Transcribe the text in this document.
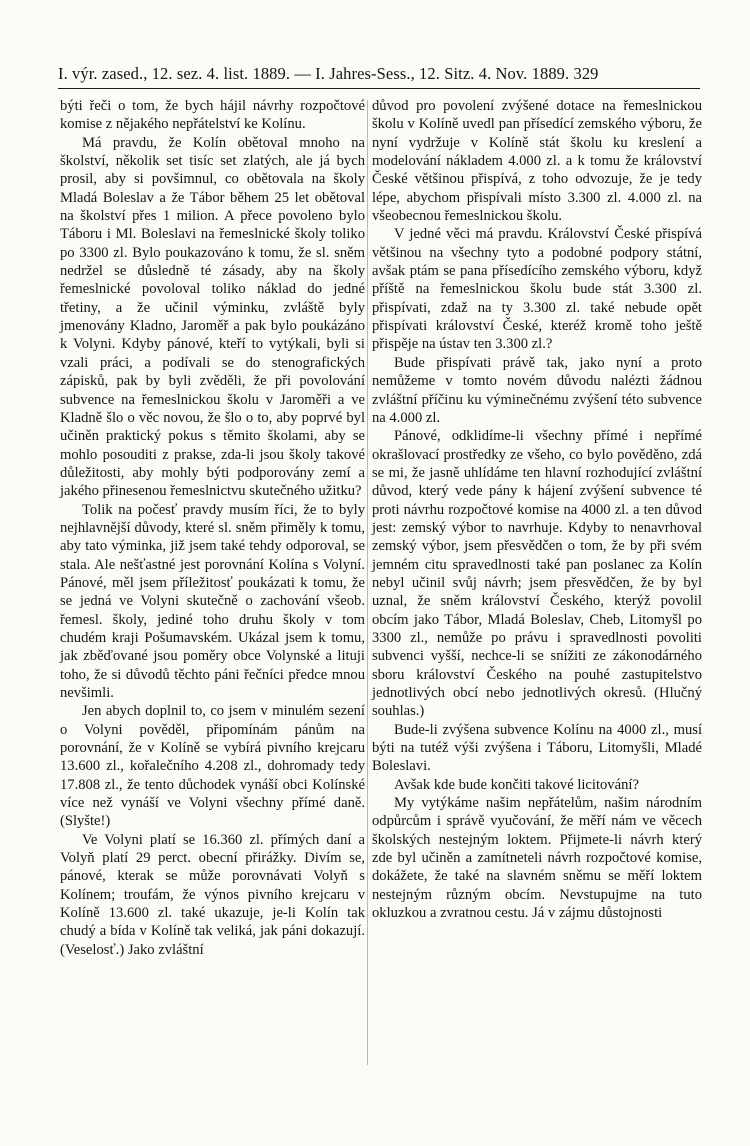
I. výr. zased., 12. sez. 4. list. 1889. — I. Jahres-Sess., 12. Sitz. 4. Nov. 1889. 329

býti řeči o tom, že bych hájil návrhy rozpočtové komise z nějakého nepřátelství ke Kolínu.

Má pravdu, že Kolín obětoval mnoho na školství, několik set tisíc set zlatých, ale já bych prosil, aby si povšimnul, co obětovala na školy Mladá Boleslav a že Tábor během 25 let obětoval na školství přes 1 milion. A přece povoleno bylo Táboru i Ml. Boleslavi na řemeslnické školy toliko po 3300 zl. Bylo poukazováno k tomu, že sl. sněm nedržel se důsledně té zásady, aby na školy řemeslnické povoloval toliko náklad do jedné třetiny, a že učinil výminku, zvláště byly jmenovány Kladno, Jaroměř a pak bylo poukázáno k Volyni. Kdyby pánové, kteří to vytýkali, byli si vzali práci, a podívali se do stenografických zápisků, pak by byli zvěděli, že při povolování subvence na řemeslnickou školu v Jaroměři a ve Kladně šlo o věc novou, že šlo o to, aby poprvé byl učiněn praktický pokus s těmito školami, aby se mohlo posouditi z prakse, zda-li jsou školy takové důležitosti, aby mohly býti podporovány zemí a jakého přinesenou řemeslnictvu skutečného užitku?

Tolik na počesť pravdy musím říci, že to byly nejhlavnější důvody, které sl. sněm přiměly k tomu, aby tato výminka, již jsem také tehdy odporoval, se stala. Ale nešťastné jest porovnání Kolína s Volyní. Pánové, měl jsem příležitosť poukázati k tomu, že se jedná ve Volyni skutečně o zachování všeob. řemesl. školy, jediné toho druhu školy v tom chudém kraji Pošumavském. Ukázal jsem k tomu, jak zběďované jsou poměry obce Volynské a lituji toho, že si důvodů těchto páni řečníci předce mnou nevšimli.

Jen abych doplnil to, co jsem v minulém sezení o Volyni pověděl, připomínám pánům na porovnání, že v Kolíně se vybírá pivního krejcaru 13.600 zl., kořalečního 4.208 zl., dohromady tedy 17.808 zl., že tento důchodek vynáší obci Kolínské více než vynáší ve Volyni všechny přímé daně. (Slyšte!)

Ve Volyni platí se 16.360 zl. přímých daní a Volyň platí 29 perct. obecní přirážky. Divím se, pánové, kterak se může porovnávati Volyň s Kolínem; troufám, že výnos pivního krejcaru v Kolíně 13.600 zl. také ukazuje, je-li Kolín tak chudý a bída v Kolíně tak veliká, jak páni dokazují. (Veselosť.) Jako zvláštní

důvod pro povolení zvýšené dotace na řemeslnickou školu v Kolíně uvedl pan přísedící zemského výboru, že nyní vydržuje v Kolíně stát školu ku kreslení a modelování nákladem 4.000 zl. a k tomu že království České většinou přispívá, z toho odvozuje, že je tedy lépe, abychom přispívali místo 3.300 zl. 4.000 zl. na všeobecnou řemeslnickou školu.

V jedné věci má pravdu. Království České přispívá většinou na všechny tyto a podobné podpory státní, avšak ptám se pana přísedícího zemského výboru, když příště na řemeslnickou školu bude stát 3.300 zl. přispívati, zdaž na ty 3.300 zl. také nebude opět přispívati království České, kteréž kromě toho ještě přispěje na ústav ten 3.300 zl.?

Bude přispívati právě tak, jako nyní a proto nemůžeme v tomto novém důvodu nalézti žádnou zvláštní příčinu ku výminečnému zvýšení této subvence na 4.000 zl.

Pánové, odklidíme-li všechny přímé i nepřímé okrašlovací prostředky ze všeho, co bylo pověděno, zdá se mi, že jasně uhlídáme ten hlavní rozhodující zvláštní důvod, který vede pány k hájení zvýšení subvence té proti návrhu rozpočtové komise na 4000 zl. a ten důvod jest: zemský výbor to navrhuje. Kdyby to nenavrhoval zemský výbor, jsem přesvědčen o tom, že by při svém jemném citu spravedlnosti také pan poslanec za Kolín nebyl učinil svůj návrh; jsem přesvědčen, že by byl uznal, že sněm království Českého, kterýž povolil obcím jako Tábor, Mladá Boleslav, Cheb, Litomyšl po 3300 zl., nemůže po právu i spravedlnosti povoliti subvenci vyšší, nechce-li se snížiti ze zákonodárného sboru království Českého na pouhé zastupitelstvo jednotlivých obcí nebo jednotlivých okresů. (Hlučný souhlas.)

Bude-li zvýšena subvence Kolínu na 4000 zl., musí býti na tutéž výši zvýšena i Táboru, Litomyšli, Mladé Boleslavi.

Avšak kde bude končiti takové licitování?

My vytýkáme našim nepřátelům, našim národním odpůrcům i správě vyučování, že měří nám ve věcech školských nestejným loktem. Přijmete-li návrh který zde byl učiněn a zamítneteli návrh rozpočtové komise, dokážete, že také na slavném sněmu se měří loktem nestejným různým obcím. Nevstupujme na tuto okluzkou a zvratnou cestu. Já v zájmu důstojnosti
